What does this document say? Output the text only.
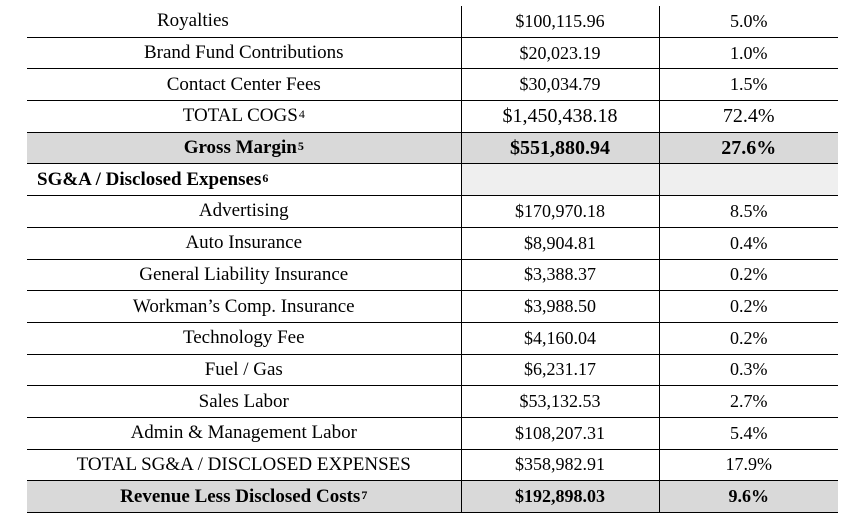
Royalties	$100,115.96	5.0%
Brand Fund Contributions	$20,023.19	1.0%
Contact Center Fees	$30,034.79	1.5%
TOTAL COGS$^4$	$1,450,438.18	72.4%
Gross Margin$^5$	$551,880.94	27.6%
SG&A / Disclosed Expenses$^6$		
Advertising	$170,970.18	8.5%
Auto Insurance	$8,904.81	0.4%
General Liability Insurance	$3,388.37	0.2%
Workman’s Comp. Insurance	$3,988.50	0.2%
Technology Fee	$4,160.04	0.2%
Fuel / Gas	$6,231.17	0.3%
Sales Labor	$53,132.53	2.7%
Admin & Management Labor	$108,207.31	5.4%
TOTAL SG&A / DISCLOSED EXPENSES	$358,982.91	17.9%
Revenue Less Disclosed Costs$^7$	$192,898.03	9.6%
